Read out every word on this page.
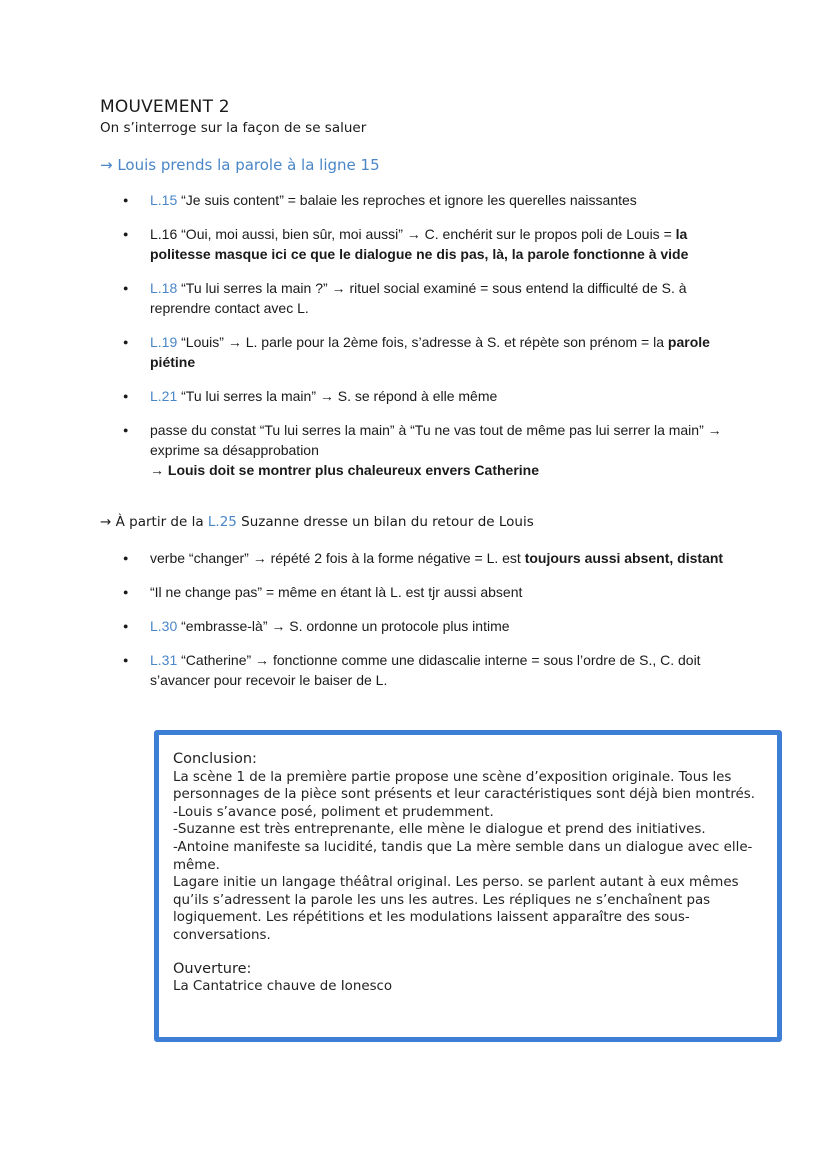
MOUVEMENT 2
On s’interroge sur la façon de se saluer
→ Louis prends la parole à la ligne 15
● L.15 “Je suis content” = balaie les reproches et ignore les querelles naissantes
● L.16 “Oui, moi aussi, bien sûr, moi aussi” → C. enchérit sur le propos poli de Louis = la politesse masque ici ce que le dialogue ne dis pas, là, la parole fonctionne à vide
● L.18 “Tu lui serres la main ?” → rituel social examiné = sous entend la difficulté de S. à reprendre contact avec L.
● L.19 “Louis” → L. parle pour la 2ème fois, s’adresse à S. et répète son prénom = la parole piétine
● L.21 “Tu lui serres la main” → S. se répond à elle même
● passe du constat “Tu lui serres la main” à “Tu ne vas tout de même pas lui serrer la main” → exprime sa désapprobation
→ Louis doit se montrer plus chaleureux envers Catherine
→ À partir de la L.25 Suzanne dresse un bilan du retour de Louis
● verbe “changer” → répété 2 fois à la forme négative = L. est toujours aussi absent, distant
● “Il ne change pas” = même en étant là L. est tjr aussi absent
● L.30 “embrasse-là” → S. ordonne un protocole plus intime
● L.31 “Catherine” → fonctionne comme une didascalie interne = sous l’ordre de S., C. doit s’avancer pour recevoir le baiser de L.

Conclusion:

La scène 1 de la première partie propose une scène d’exposition originale. Tous les personnages de la pièce sont présents et leur caractéristiques sont déjà bien montrés.

-Louis s’avance posé, poliment et prudemment.

-Suzanne est très entreprenante, elle mène le dialogue et prend des initiatives.

-Antoine manifeste sa lucidité, tandis que La mère semble dans un dialogue avec elle-même.

Lagare initie un langage théâtral original. Les perso. se parlent autant à eux mêmes qu’ils s’adressent la parole les uns les autres. Les répliques ne s’enchaînent pas logiquement. Les répétitions et les modulations laissent apparaître des sous-conversations.

Ouverture:

La Cantatrice chauve de Ionesco
